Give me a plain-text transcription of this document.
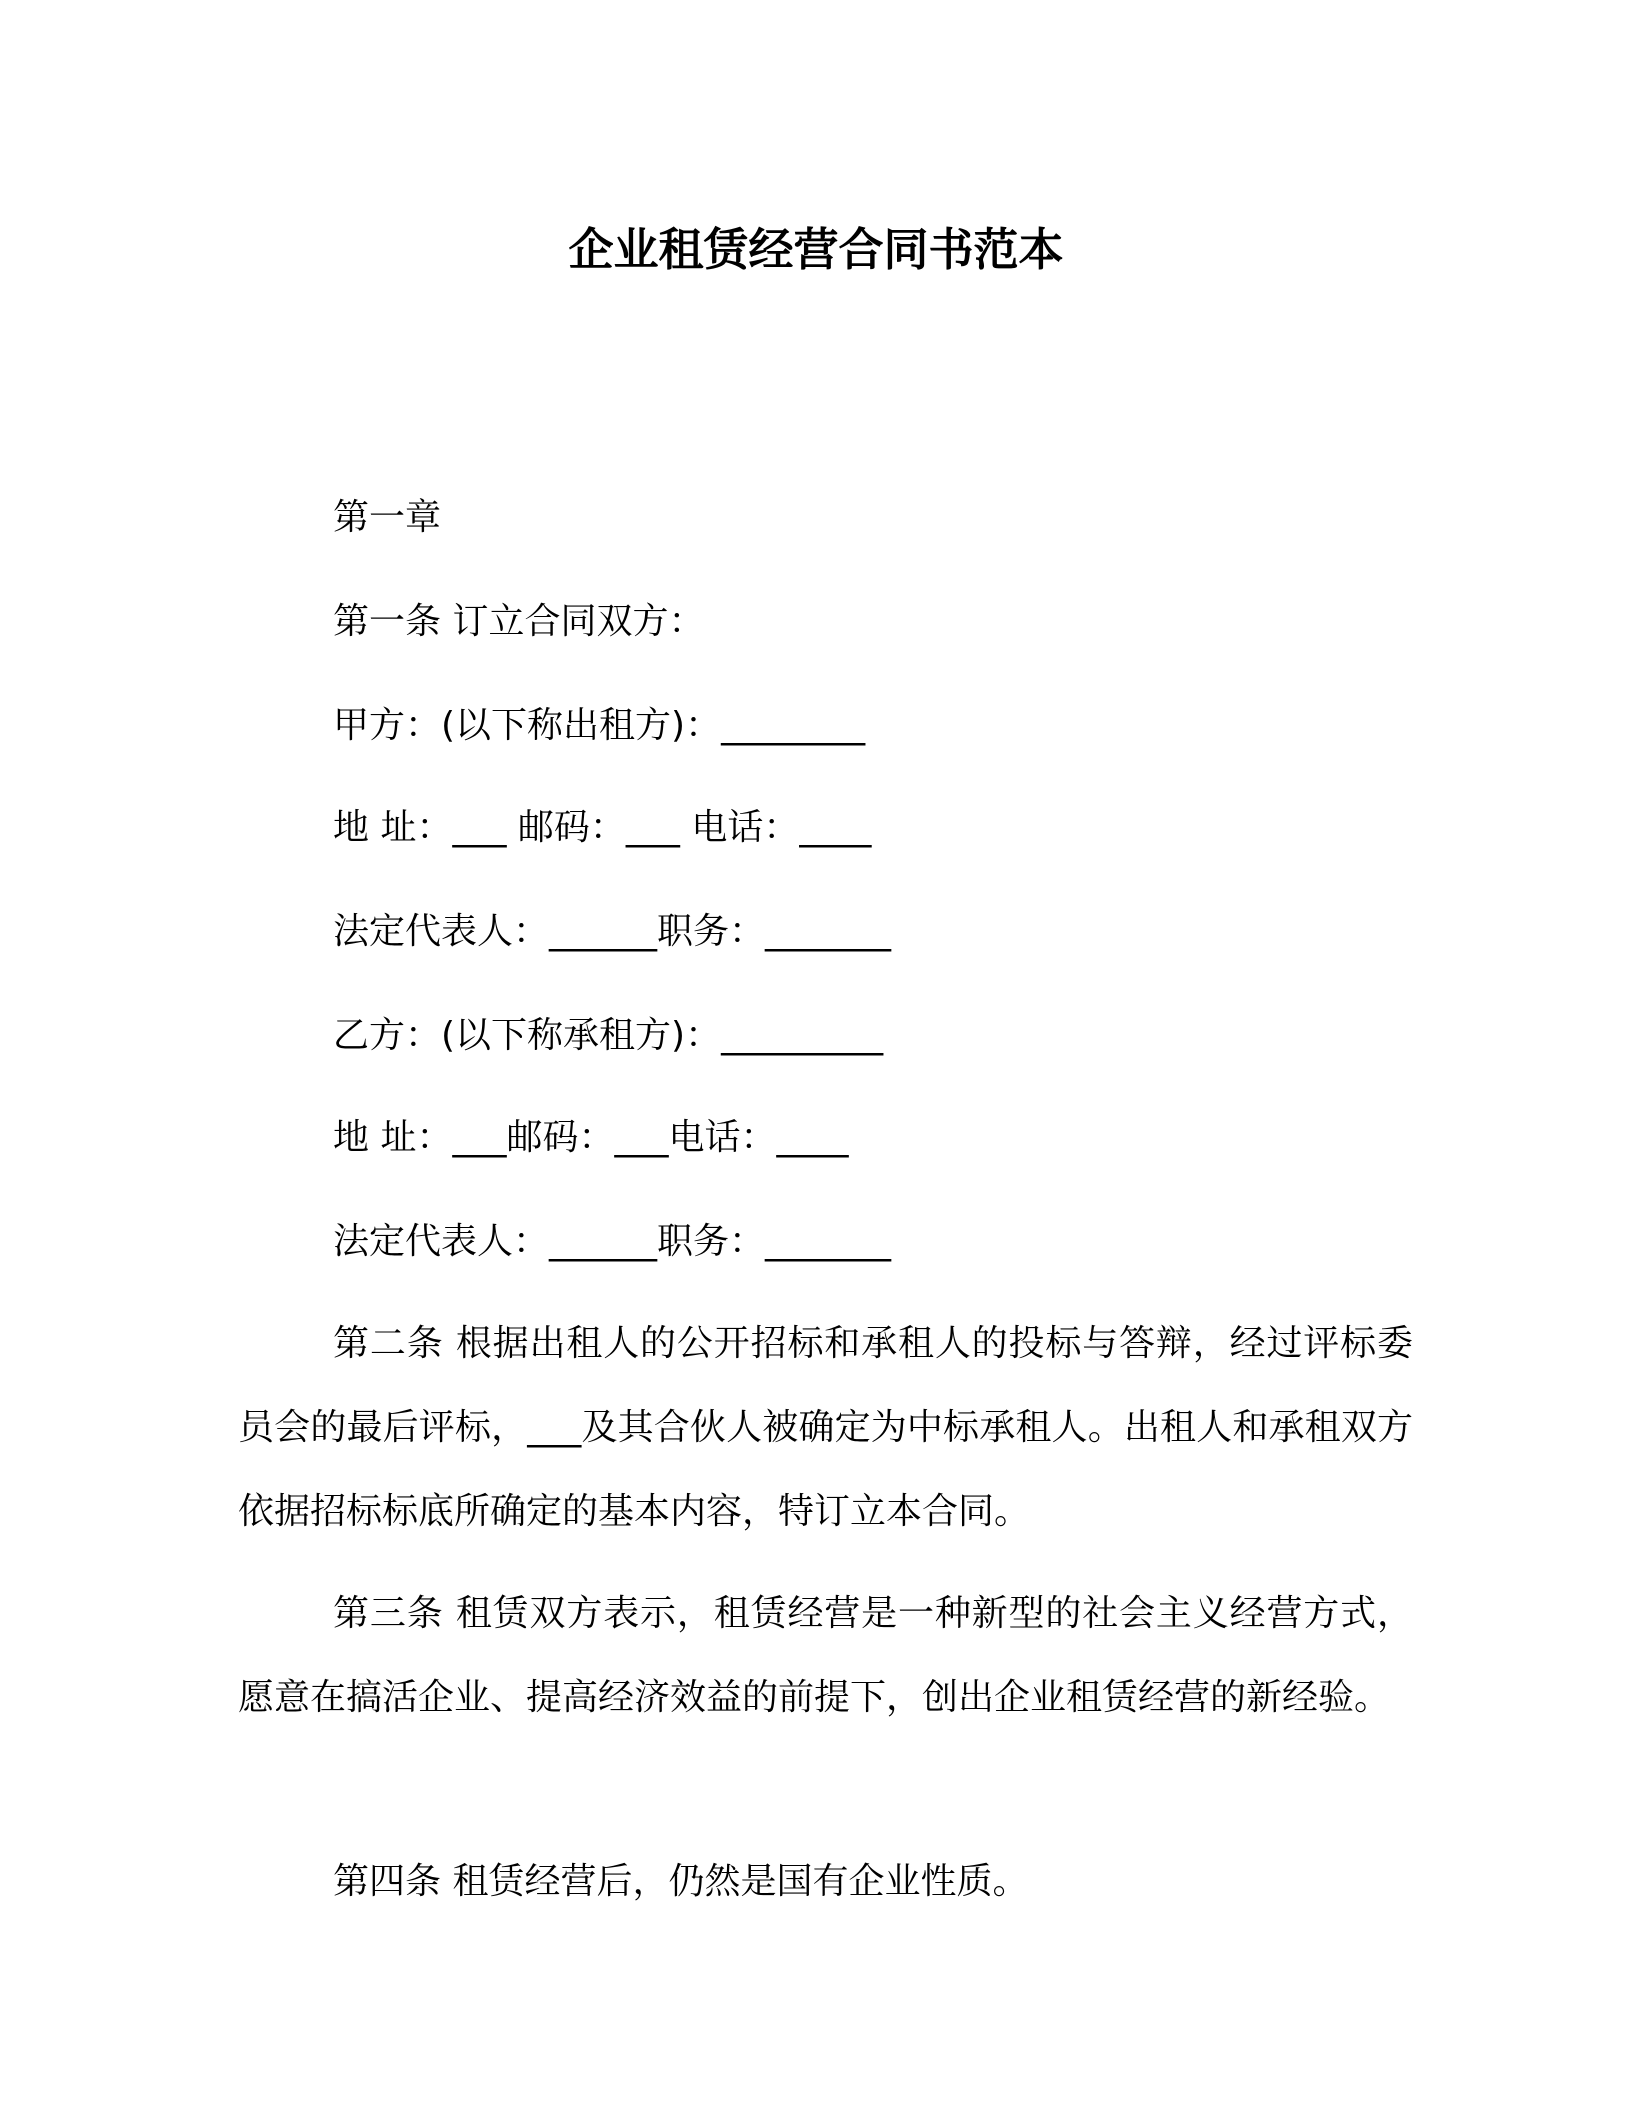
企业租赁经营合同书范本
第一章
第一条 订立合同双方：
甲方：(以下称出租方)：________
地 址：___ 邮码：___ 电话：____
法定代表人：______职务：_______
乙方：(以下称承租方)：_________
地 址：___邮码：___电话：____
法定代表人：______职务：_______
第二条 根据出租人的公开招标和承租人的投标与答辩，经过评标委员会的最后评标，___及其合伙人被确定为中标承租人。出租人和承租双方依据招标标底所确定的基本内容，特订立本合同。
第三条 租赁双方表示，租赁经营是一种新型的社会主义经营方式，愿意在搞活企业、提高经济效益的前提下，创出企业租赁经营的新经验。
第四条 租赁经营后，仍然是国有企业性质。
